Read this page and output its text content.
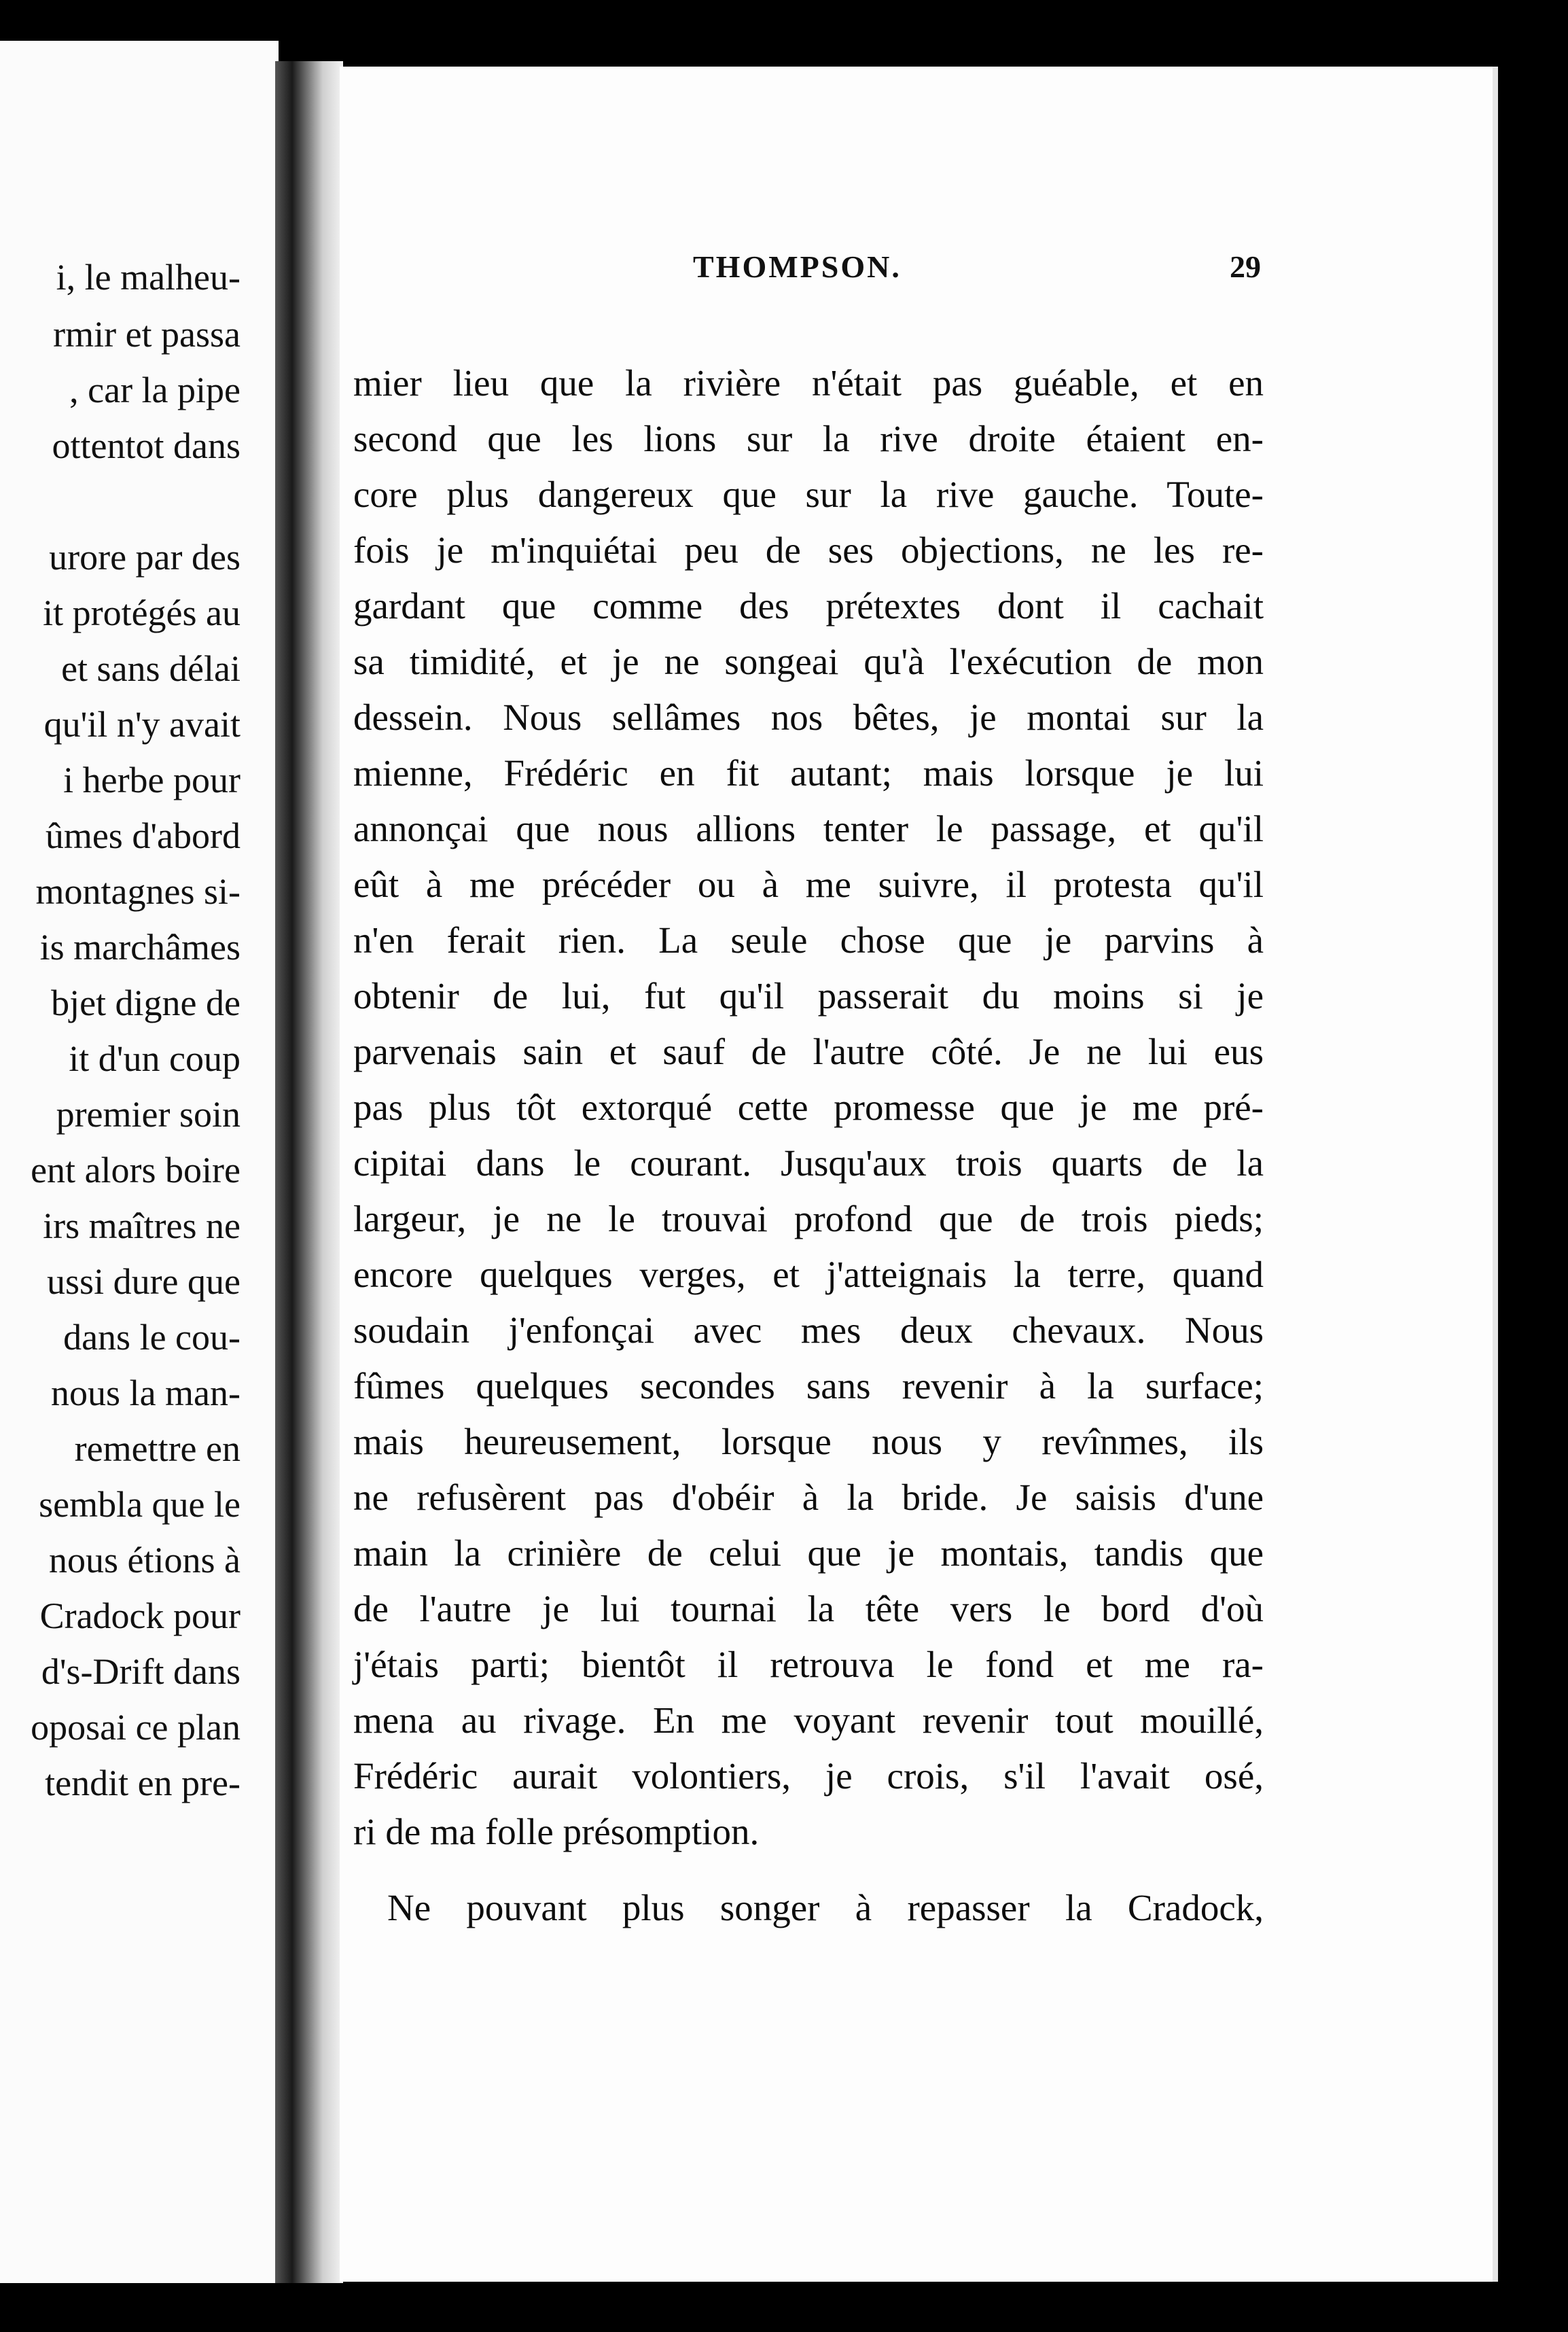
i, le malheu-
rmir et passa
, car la pipe
ottentot dans
urore par des
it protégés au
et sans délai
qu'il n'y avait
i herbe pour
ûmes d'abord
montagnes si-
is marchâmes
bjet digne de
it d'un coup
premier soin
ent alors boire
irs maîtres ne
ussi dure que
dans le cou-
nous la man-
remettre en
sembla que le
nous étions à
Cradock pour
d's-Drift dans
oposai ce plan
tendit en pre-
THOMPSON.	29
mier lieu que la rivière n'était pas guéable, et en
second que les lions sur la rive droite étaient en-
core plus dangereux que sur la rive gauche. Toute-
fois je m'inquiétai peu de ses objections, ne les re-
gardant que comme des prétextes dont il cachait
sa timidité, et je ne songeai qu'à l'exécution de mon
dessein. Nous sellâmes nos bêtes, je montai sur la
mienne, Frédéric en fit autant; mais lorsque je lui
annonçai que nous allions tenter le passage, et qu'il
eût à me précéder ou à me suivre, il protesta qu'il
n'en ferait rien. La seule chose que je parvins à
obtenir de lui, fut qu'il passerait du moins si je
parvenais sain et sauf de l'autre côté. Je ne lui eus
pas plus tôt extorqué cette promesse que je me pré-
cipitai dans le courant. Jusqu'aux trois quarts de la
largeur, je ne le trouvai profond que de trois pieds;
encore quelques verges, et j'atteignais la terre, quand
soudain j'enfonçai avec mes deux chevaux. Nous
fûmes quelques secondes sans revenir à la surface;
mais heureusement, lorsque nous y revînmes, ils
ne refusèrent pas d'obéir à la bride. Je saisis d'une
main la crinière de celui que je montais, tandis que
de l'autre je lui tournai la tête vers le bord d'où
j'étais parti; bientôt il retrouva le fond et me ra-
mena au rivage. En me voyant revenir tout mouillé,
Frédéric aurait volontiers, je crois, s'il l'avait osé,
ri de ma folle présomption.
Ne pouvant plus songer à repasser la Cradock,
